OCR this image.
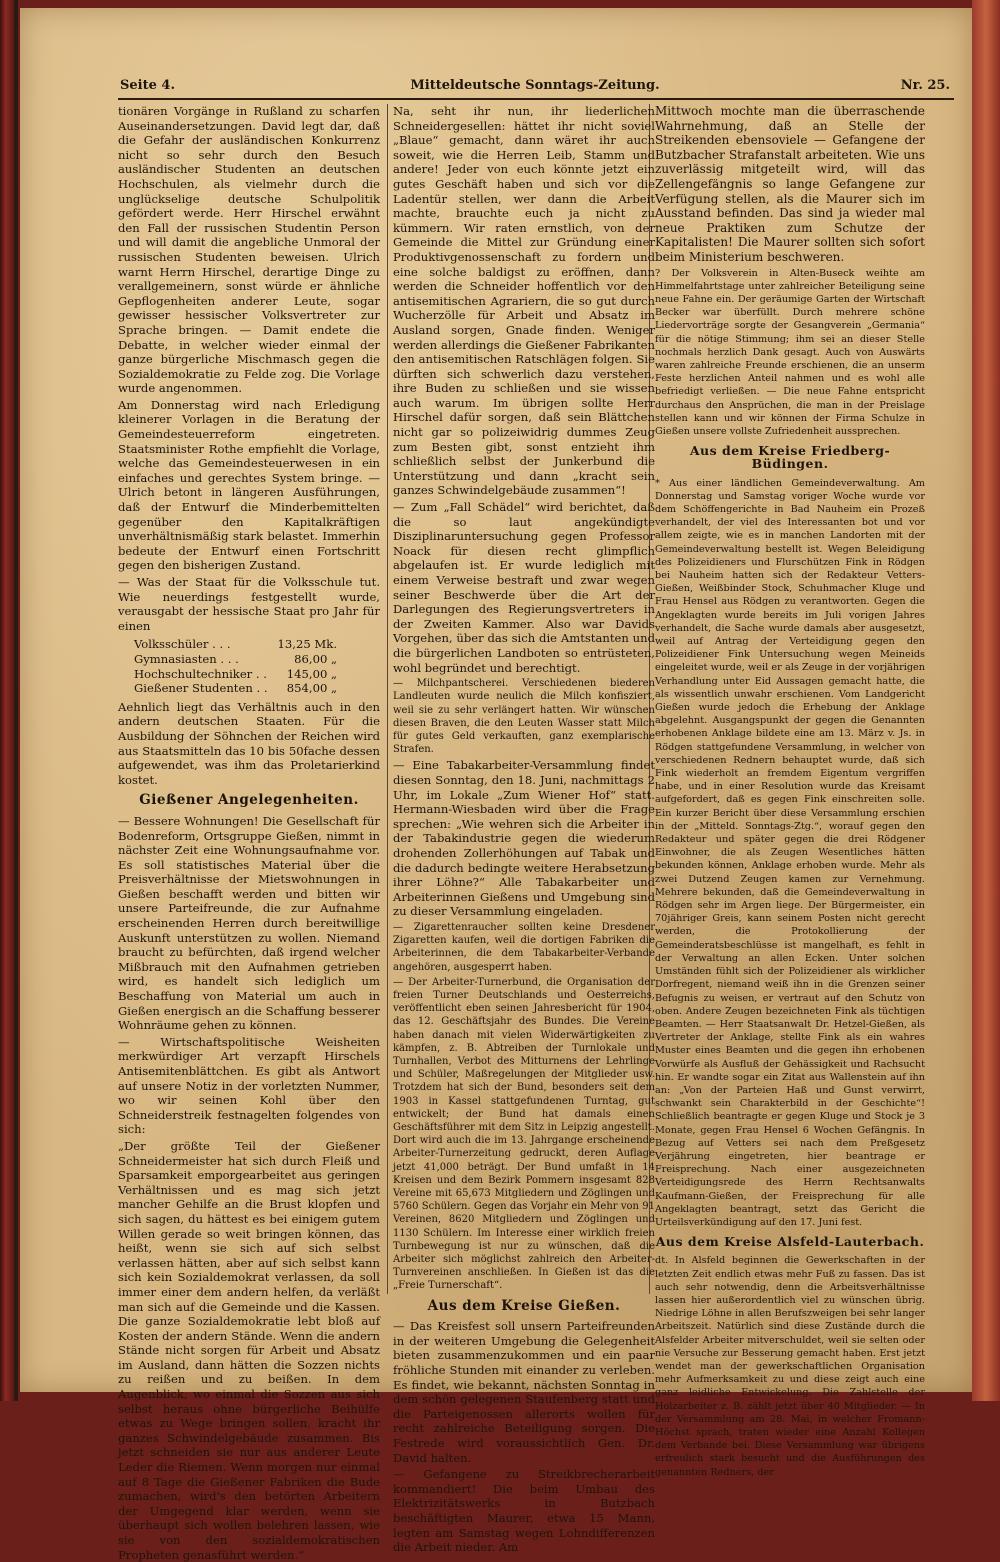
Seite 4.	Mitteldeutsche Sonntags-Zeitung.	Nr. 25.

tionären Vorgänge in Rußland zu scharfen Auseinandersetzungen. David legt dar, daß die Gefahr der ausländischen Konkurrenz nicht so sehr durch den Besuch ausländischer Studenten an deutschen Hochschulen, als vielmehr durch die unglückselige deutsche Schulpolitik gefördert werde. Herr Hirschel erwähnt den Fall der russischen Studentin Person und will damit die angebliche Unmoral der russischen Studenten beweisen. Ulrich warnt Herrn Hirschel, derartige Dinge zu verallgemeinern, sonst würde er ähnliche Gepflogenheiten anderer Leute, sogar gewisser hessischer Volksvertreter zur Sprache bringen. — Damit endete die Debatte, in welcher wieder einmal der ganze bürgerliche Mischmasch gegen die Sozialdemokratie zu Felde zog. Die Vorlage wurde angenommen.

Am Donnerstag wird nach Erledigung kleinerer Vorlagen in die Beratung der Gemeindesteuerreform eingetreten. Staatsminister Rothe empfiehlt die Vorlage, welche das Gemeindesteuerwesen in ein einfaches und gerechtes System bringe. — Ulrich betont in längeren Ausführungen, daß der Entwurf die Minderbemittelten gegenüber den Kapitalkräftigen unverhältnismäßig stark belastet. Immerhin bedeute der Entwurf einen Fortschritt gegen den bisherigen Zustand.

— Was der Staat für die Volksschule tut. Wie neuerdings festgestellt wurde, verausgabt der hessische Staat pro Jahr für einen

Volksschüler . . .	13,25 Mk.
Gymnasiasten . . .	86,00 „
Hochschultechniker . .	145,00 „
Gießener Studenten . .	854,00 „

Aehnlich liegt das Verhältnis auch in den andern deutschen Staaten. Für die Ausbildung der Söhnchen der Reichen wird aus Staatsmitteln das 10 bis 50fache dessen aufgewendet, was ihm das Proletarierkind kostet.

Gießener Angelegenheiten.

— Bessere Wohnungen! Die Gesellschaft für Bodenreform, Ortsgruppe Gießen, nimmt in nächster Zeit eine Wohnungsaufnahme vor. Es soll statistisches Material über die Preisverhältnisse der Mietswohnungen in Gießen beschafft werden und bitten wir unsere Parteifreunde, die zur Aufnahme erscheinenden Herren durch bereitwillige Auskunft unterstützen zu wollen. Niemand braucht zu befürchten, daß irgend welcher Mißbrauch mit den Aufnahmen getrieben wird, es handelt sich lediglich um Beschaffung von Material um auch in Gießen energisch an die Schaffung besserer Wohnräume gehen zu können.

— Wirtschaftspolitische Weisheiten merkwürdiger Art verzapft Hirschels Antisemitenblättchen. Es gibt als Antwort auf unsere Notiz in der vorletzten Nummer, wo wir seinen Kohl über den Schneiderstreik festnagelten folgendes von sich:

„Der größte Teil der Gießener Schneidermeister hat sich durch Fleiß und Sparsamkeit emporgearbeitet aus geringen Verhältnissen und es mag sich jetzt mancher Gehilfe an die Brust klopfen und sich sagen, du hättest es bei einigem gutem Willen gerade so weit bringen können, das heißt, wenn sie sich auf sich selbst verlassen hätten, aber auf sich selbst kann sich kein Sozialdemokrat verlassen, da soll immer einer dem andern helfen, da verläßt man sich auf die Gemeinde und die Kassen. Die ganze Sozialdemokratie lebt bloß auf Kosten der andern Stände. Wenn die andern Stände nicht sorgen für Arbeit und Absatz im Ausland, dann hätten die Sozzen nichts zu reißen und zu beißen. In dem Augenblick, wo einmal die Sozzen aus sich selbst heraus ohne bürgerliche Beihülfe etwas zu Wege bringen sollen, kracht ihr ganzes Schwindelgebäude zusammen. Bis jetzt schneiden sie nur aus anderer Leute Leder die Riemen. Wenn morgen nur einmal auf 8 Tage die Gießener Fabriken die Bude zumachen, wird's den betörten Arbeitern der Umgegend klar werden, wenn sie überhaupt sich wollen belehren lassen, wie sie von den sozialdemokratischen Propheten genasführt werden.“

Na, seht ihr nun, ihr liederlichen Schneidergesellen: hättet ihr nicht soviel „Blaue“ gemacht, dann wäret ihr auch soweit, wie die Herren Leib, Stamm und andere! Jeder von euch könnte jetzt ein gutes Geschäft haben und sich vor die Ladentür stellen, wer dann die Arbeit machte, brauchte euch ja nicht zu kümmern. Wir raten ernstlich, von der Gemeinde die Mittel zur Gründung einer Produktivgenossenschaft zu fordern und eine solche baldigst zu eröffnen, dann werden die Schneider hoffentlich vor den antisemitischen Agrariern, die so gut durch Wucherzölle für Arbeit und Absatz im Ausland sorgen, Gnade finden. Weniger werden allerdings die Gießener Fabrikanten den antisemitischen Ratschlägen folgen. Sie dürften sich schwerlich dazu verstehen, ihre Buden zu schließen und sie wissen auch warum. Im übrigen sollte Herr Hirschel dafür sorgen, daß sein Blättchen nicht gar so polizeiwidrig dummes Zeug zum Besten gibt, sonst entzieht ihm schließlich selbst der Junkerbund die Unterstützung und dann „kracht sein ganzes Schwindelgebäude zusammen“!

— Zum „Fall Schädel“ wird berichtet, daß die so laut angekündigte Disziplinaruntersuchung gegen Professor Noack für diesen recht glimpflich abgelaufen ist. Er wurde lediglich mit einem Verweise bestraft und zwar wegen seiner Beschwerde über die Art der Darlegungen des Regierungsvertreters in der Zweiten Kammer. Also war Davids Vorgehen, über das sich die Amtstanten und die bürgerlichen Landboten so entrüsteten, wohl begründet und berechtigt.

— Milchpantscherei. Verschiedenen biederen Landleuten wurde neulich die Milch konfisziert, weil sie zu sehr verlängert hatten. Wir wünschen diesen Braven, die den Leuten Wasser statt Milch für gutes Geld verkauften, ganz exemplarische Strafen.

— Eine Tabakarbeiter-Versammlung findet diesen Sonntag, den 18. Juni, nachmittags 2 Uhr, im Lokale „Zum Wiener Hof“ statt. Hermann-Wiesbaden wird über die Frage sprechen: „Wie wehren sich die Arbeiter in der Tabakindustrie gegen die wiederum drohenden Zollerhöhungen auf Tabak und die dadurch bedingte weitere Herabsetzung ihrer Löhne?“ Alle Tabakarbeiter und Arbeiterinnen Gießens und Umgebung sind zu dieser Versammlung eingeladen.

— Zigarettenraucher sollten keine Dresdener Zigaretten kaufen, weil die dortigen Fabriken die Arbeiterinnen, die dem Tabakarbeiter-Verbande angehören, ausgesperrt haben.

— Der Arbeiter-Turnerbund, die Organisation der freien Turner Deutschlands und Oesterreichs, veröffentlicht eben seinen Jahresbericht für 1904, das 12. Geschäftsjahr des Bundes. Die Vereine haben danach mit vielen Widerwärtigkeiten zu kämpfen, z. B. Abtreiben der Turnlokale und Turnhallen, Verbot des Mitturnens der Lehrlinge und Schüler, Maßregelungen der Mitglieder usw. Trotzdem hat sich der Bund, besonders seit dem 1903 in Kassel stattgefundenen Turntag, gut entwickelt; der Bund hat damals einen Geschäftsführer mit dem Sitz in Leipzig angestellt. Dort wird auch die im 13. Jahrgange erscheinende Arbeiter-Turnerzeitung gedruckt, deren Auflage jetzt 41,000 beträgt. Der Bund umfaßt in 14 Kreisen und dem Bezirk Pommern insgesamt 828 Vereine mit 65,673 Mitgliedern und Zöglingen und 5760 Schülern. Gegen das Vorjahr ein Mehr von 91 Vereinen, 8620 Mitgliedern und Zöglingen und 1130 Schülern. Im Interesse einer wirklich freien Turnbewegung ist nur zu wünschen, daß die Arbeiter sich möglichst zahlreich den Arbeiter-Turnvereinen anschließen. In Gießen ist das die „Freie Turnerschaft“.

Aus dem Kreise Gießen.

— Das Kreisfest soll unsern Parteifreunden in der weiteren Umgebung die Gelegenheit bieten zusammenzukommen und ein paar fröhliche Stunden mit einander zu verleben. Es findet, wie bekannt, nächsten Sonntag in dem schön gelegenen Staufenberg statt und die Parteigenossen allerorts wollen für recht zahlreiche Beteiligung sorgen. Die Festrede wird voraussichtlich Gen. Dr. David halten.

— Gefangene zu Streikbrecherarbeit kommandiert! Die beim Umbau des Elektrizitätswerks in Butzbach beschäftigten Maurer, etwa 15 Mann, legten am Samstag wegen Lohndifferenzen die Arbeit nieder. Am

Mittwoch mochte man die überraschende Wahrnehmung, daß an Stelle der Streikenden ebensoviele — Gefangene der Butzbacher Strafanstalt arbeiteten. Wie uns zuverlässig mitgeteilt wird, will das Zellengefängnis so lange Gefangene zur Verfügung stellen, als die Maurer sich im Ausstand befinden. Das sind ja wieder mal neue Praktiken zum Schutze der Kapitalisten! Die Maurer sollten sich sofort beim Ministerium beschweren.

? Der Volksverein in Alten-Buseck weihte am Himmelfahrtstage unter zahlreicher Beteiligung seine neue Fahne ein. Der geräumige Garten der Wirtschaft Becker war überfüllt. Durch mehrere schöne Liedervorträge sorgte der Gesangverein „Germania“ für die nötige Stimmung; ihm sei an dieser Stelle nochmals herzlich Dank gesagt. Auch von Auswärts waren zahlreiche Freunde erschienen, die an unserm Feste herzlichen Anteil nahmen und es wohl alle befriedigt verließen. — Die neue Fahne entspricht durchaus den Ansprüchen, die man in der Preislage stellen kann und wir können der Firma Schulze in Gießen unsere vollste Zufriedenheit aussprechen.

Aus dem Kreise Friedberg-Büdingen.

* Aus einer ländlichen Gemeindeverwaltung. Am Donnerstag und Samstag voriger Woche wurde vor dem Schöffengerichte in Bad Nauheim ein Prozeß verhandelt, der viel des Interessanten bot und vor allem zeigte, wie es in manchen Landorten mit der Gemeindeverwaltung bestellt ist. Wegen Beleidigung des Polizeidieners und Flurschützen Fink in Rödgen bei Nauheim hatten sich der Redakteur Vetters-Gießen, Weißbinder Stock, Schuhmacher Kluge und Frau Hensel aus Rödgen zu verantworten. Gegen die Angeklagten wurde bereits im Juli vorigen Jahres verhandelt, die Sache wurde damals aber ausgesetzt, weil auf Antrag der Verteidigung gegen den Polizeidiener Fink Untersuchung wegen Meineids eingeleitet wurde, weil er als Zeuge in der vorjährigen Verhandlung unter Eid Aussagen gemacht hatte, die als wissentlich unwahr erschienen. Vom Landgericht Gießen wurde jedoch die Erhebung der Anklage abgelehnt. Ausgangspunkt der gegen die Genannten erhobenen Anklage bildete eine am 13. März v. Js. in Rödgen stattgefundene Versammlung, in welcher von verschiedenen Rednern behauptet wurde, daß sich Fink wiederholt an fremdem Eigentum vergriffen habe, und in einer Resolution wurde das Kreisamt aufgefordert, daß es gegen Fink einschreiten solle. Ein kurzer Bericht über diese Versammlung erschien in der „Mitteld. Sonntags-Ztg.“, worauf gegen den Redakteur und später gegen die drei Rödgener Einwohner, die als Zeugen Wesentliches hätten bekunden können, Anklage erhoben wurde. Mehr als zwei Dutzend Zeugen kamen zur Vernehmung. Mehrere bekunden, daß die Gemeindeverwaltung in Rödgen sehr im Argen liege. Der Bürgermeister, ein 70jähriger Greis, kann seinem Posten nicht gerecht werden, die Protokollierung der Gemeinderatsbeschlüsse ist mangelhaft, es fehlt in der Verwaltung an allen Ecken. Unter solchen Umständen fühlt sich der Polizeidiener als wirklicher Dorfregent, niemand weiß ihn in die Grenzen seiner Befugnis zu weisen, er vertraut auf den Schutz von oben. Andere Zeugen bezeichneten Fink als tüchtigen Beamten. — Herr Staatsanwalt Dr. Hetzel-Gießen, als Vertreter der Anklage, stellte Fink als ein wahres Muster eines Beamten und die gegen ihn erhobenen Vorwürfe als Ausfluß der Gehässigkeit und Rachsucht hin. Er wandte sogar ein Zitat aus Wallenstein auf ihn an: „Von der Parteien Haß und Gunst verwirrt, schwankt sein Charakterbild in der Geschichte“! Schließlich beantragte er gegen Kluge und Stock je 3 Monate, gegen Frau Hensel 6 Wochen Gefängnis. In Bezug auf Vetters sei nach dem Preßgesetz Verjährung eingetreten, hier beantrage er Freisprechung. Nach einer ausgezeichneten Verteidigungsrede des Herrn Rechtsanwalts Kaufmann-Gießen, der Freisprechung für alle Angeklagten beantragt, setzt das Gericht die Urteilsverkündigung auf den 17. Juni fest.

Aus dem Kreise Alsfeld-Lauterbach.

dt. In Alsfeld beginnen die Gewerkschaften in der letzten Zeit endlich etwas mehr Fuß zu fassen. Das ist auch sehr notwendig, denn die Arbeitsverhältnisse lassen hier außerordentlich viel zu wünschen übrig. Niedrige Löhne in allen Berufszweigen bei sehr langer Arbeitszeit. Natürlich sind diese Zustände durch die Alsfelder Arbeiter mitverschuldet, weil sie selten oder nie Versuche zur Besserung gemacht haben. Erst jetzt wendet man der gewerkschaftlichen Organisation mehr Aufmerksamkeit zu und diese zeigt auch eine ganz leidliche Entwickelung. Die Zahlstelle der Holzarbeiter z. B. zählt jetzt über 40 Mitglieder. — In der Versammlung am 28. Mai, in welcher Fromann-Höchst sprach, traten wieder eine Anzahl Kollegen dem Verbande bei. Diese Versammlung war übrigens erfreulich stark besucht und die Ausführungen des genannten Redners, der
